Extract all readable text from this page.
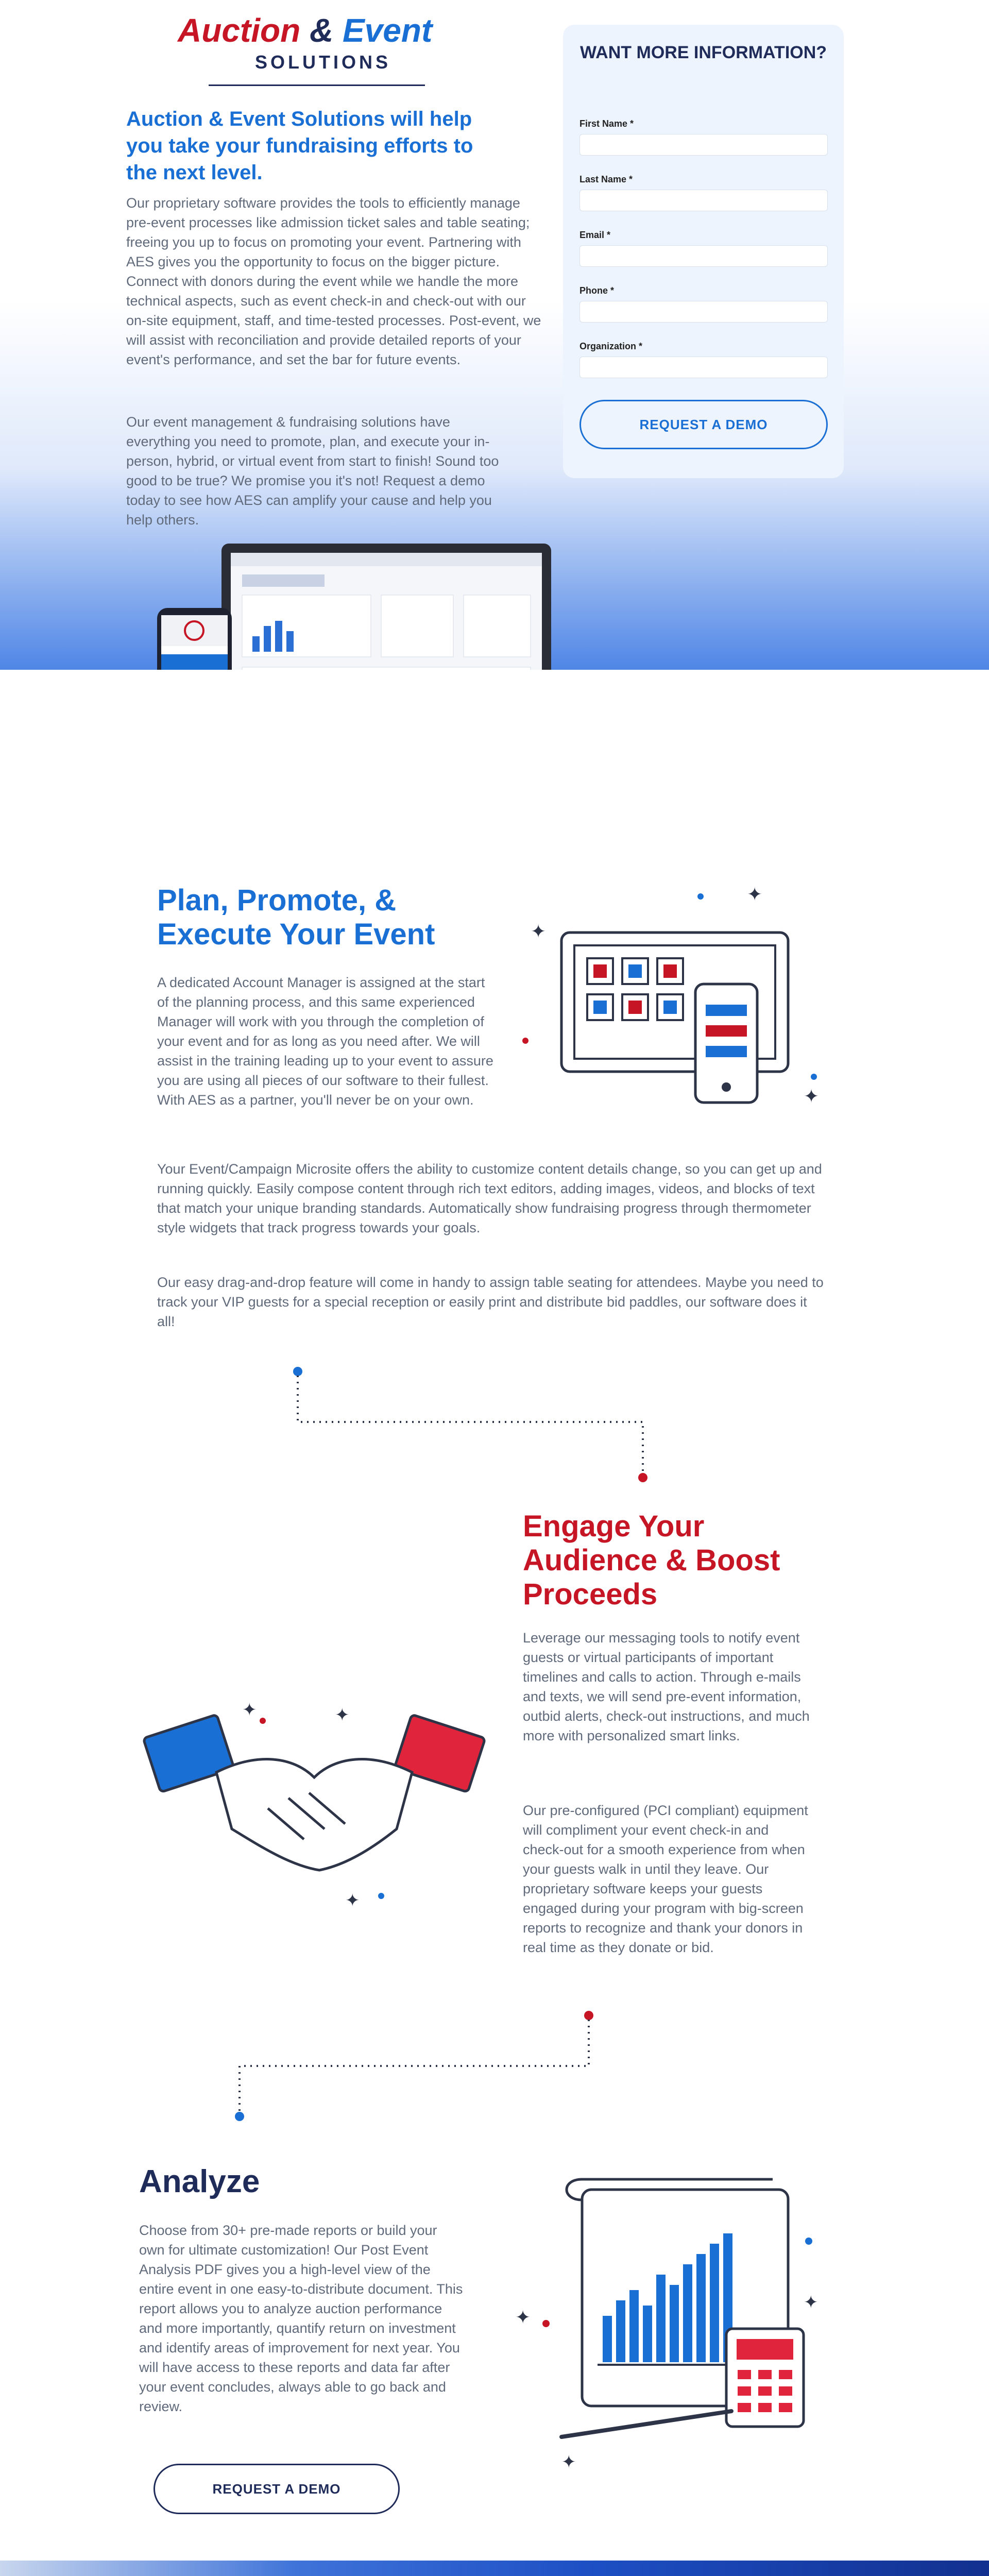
Auction & Event
SOLUTIONS
Auction & Event Solutions will help you take your fundraising efforts to the next level.
Our proprietary software provides the tools to efficiently manage pre-event processes like admission ticket sales and table seating; freeing you up to focus on promoting your event. Partnering with AES gives you the opportunity to focus on the bigger picture. Connect with donors during the event while we handle the more technical aspects, such as event check-in and check-out with our on-site equipment, staff, and time-tested processes. Post-event, we will assist with reconciliation and provide detailed reports of your event's performance, and set the bar for future events.
Our event management & fundraising solutions have everything you need to promote, plan, and execute your in-person, hybrid, or virtual event from start to finish! Sound too good to be true? We promise you it's not! Request a demo today to see how AES can amplify your cause and help you help others.
WANT MORE INFORMATION?
First Name *
Last Name *
Email *
Phone *
Organization *
REQUEST A DEMO
Plan, Promote, & Execute Your Event
A dedicated Account Manager is assigned at the start of the planning process, and this same experienced Manager will work with you through the completion of your event and for as long as you need after. We will assist in the training leading up to your event to assure you are using all pieces of our software to their fullest. With AES as a partner, you'll never be on your own.
Your Event/Campaign Microsite offers the ability to customize content details change, so you can get up and running quickly. Easily compose content through rich text editors, adding images, videos, and blocks of text that match your unique branding standards. Automatically show fundraising progress through thermometer style widgets that track progress towards your goals.
Our easy drag-and-drop feature will come in handy to assign table seating for attendees. Maybe you need to track your VIP guests for a special reception or easily print and distribute bid paddles, our software does it all!
✦
✦
✦
Engage Your Audience & Boost Proceeds
Leverage our messaging tools to notify event guests or virtual participants of important timelines and calls to action. Through e-mails and texts, we will send pre-event information, outbid alerts, check-out instructions, and much more with personalized smart links.
Our pre-configured (PCI compliant) equipment will compliment your event check-in and check-out for a smooth experience from when your guests walk in until they leave. Our proprietary software keeps your guests engaged during your program with big-screen reports to recognize and thank your donors in real time as they donate or bid.
✦	✦
✦
Analyze
Choose from 30+ pre-made reports or build your own for ultimate customization! Our Post Event Analysis PDF gives you a high-level view of the entire event in one easy-to-distribute document. This report allows you to analyze auction performance and more importantly, quantify return on investment and identify areas of improvement for next year. You will have access to these reports and data far after your event concludes, always able to go back and review.
REQUEST A DEMO
✦
✦
✦
